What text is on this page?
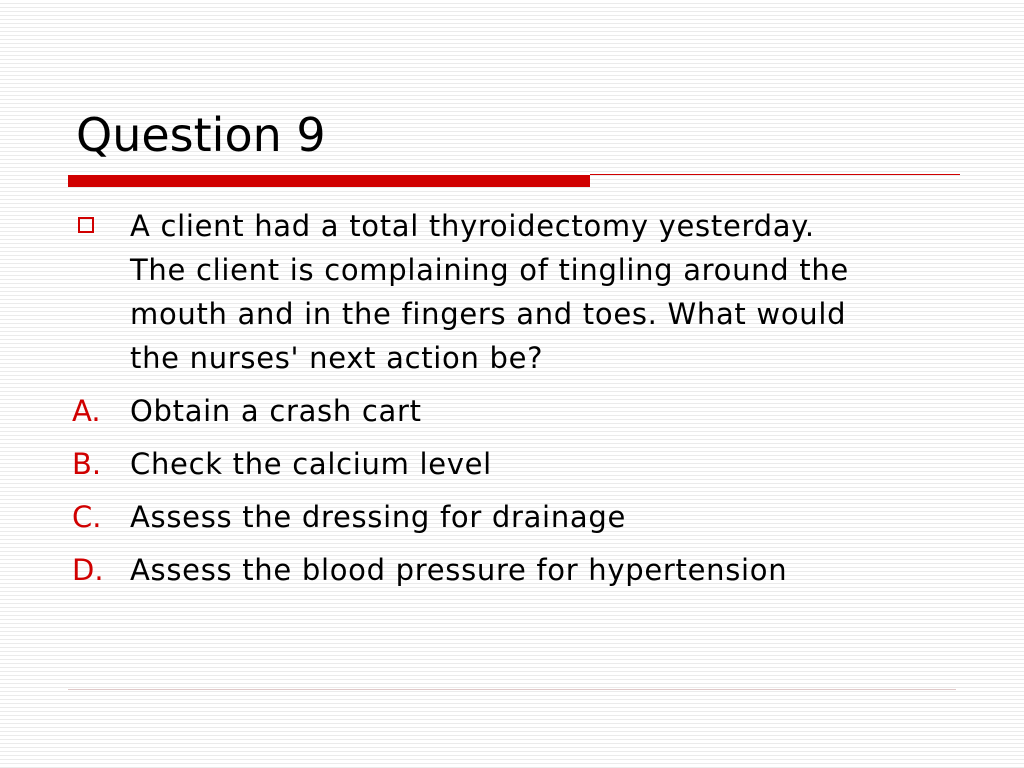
Question 9
A client had a total thyroidectomy yesterday. The client is complaining of tingling around the mouth and in the fingers and toes. What would the nurses' next action be?
A.	Obtain a crash cart
B. Check the calcium level
C. Assess the dressing for drainage
D. Assess the blood pressure for hypertension
